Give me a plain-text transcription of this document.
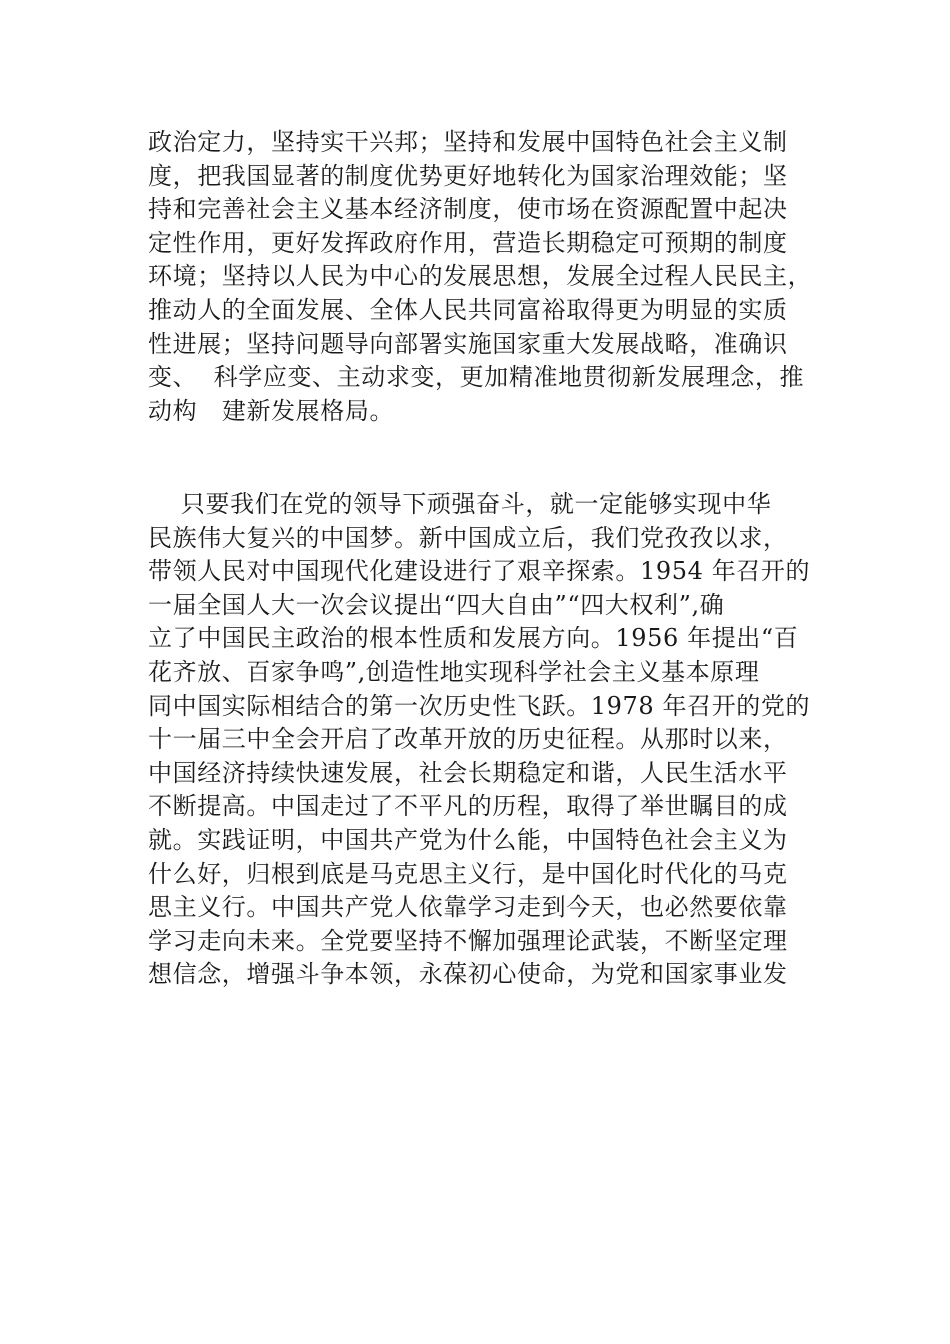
政治定力，坚持实干兴邦；坚持和发展中国特色社会主义制
度，把我国显著的制度优势更好地转化为国家治理效能；坚
持和完善社会主义基本经济制度，使市场在资源配置中起决
定性作用，更好发挥政府作用，营造长期稳定可预期的制度
环境；坚持以人民为中心的发展思想，发展全过程人民民主，
推动人的全面发展、全体人民共同富裕取得更为明显的实质
性进展；坚持问题导向部署实施国家重大发展战略，准确识
变、  科学应变、主动求变，更加精准地贯彻新发展理念，推
动构   建新发展格局。
只要我们在党的领导下顽强奋斗，就一定能够实现中华
民族伟大复兴的中国梦。新中国成立后，我们党孜孜以求，
带领人民对中国现代化建设进行了艰辛探索。1954 年召开的
一届全国人大一次会议提出“四大自由”“四大权利”,确
立了中国民主政治的根本性质和发展方向。1956 年提出“百
花齐放、百家争鸣”,创造性地实现科学社会主义基本原理
同中国实际相结合的第一次历史性飞跃。1978 年召开的党的
十一届三中全会开启了改革开放的历史征程。从那时以来，
中国经济持续快速发展，社会长期稳定和谐，人民生活水平
不断提高。中国走过了不平凡的历程，取得了举世瞩目的成
就。实践证明，中国共产党为什么能，中国特色社会主义为
什么好，归根到底是马克思主义行，是中国化时代化的马克
思主义行。中国共产党人依靠学习走到今天，也必然要依靠
学习走向未来。全党要坚持不懈加强理论武装，不断坚定理
想信念，增强斗争本领，永葆初心使命，为党和国家事业发
